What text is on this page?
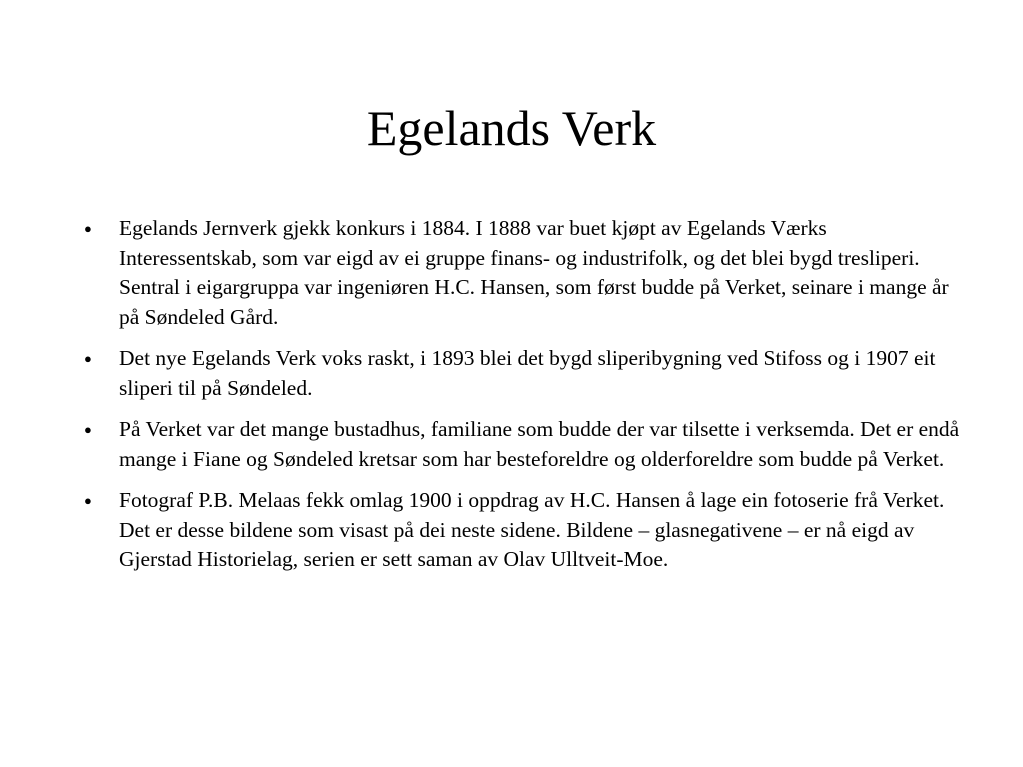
Egelands Verk
● Egelands Jernverk gjekk konkurs i 1884. I 1888 var buet kjøpt av Egelands Værks Interessentskab, som var eigd av ei gruppe finans- og industrifolk, og det blei bygd tresliperi. Sentral i eigargruppa var ingeniøren H.C. Hansen, som først budde på Verket, seinare i mange år på Søndeled Gård.
● Det nye Egelands Verk voks raskt, i 1893 blei det bygd sliperibygning ved Stifoss og i 1907 eit sliperi til på Søndeled.
● På Verket var det mange bustadhus, familiane som budde der var tilsette i verksemda. Det er endå mange i Fiane og Søndeled kretsar som har besteforeldre og olderforeldre som budde på Verket.
● Fotograf P.B. Melaas fekk omlag 1900 i oppdrag av H.C. Hansen å lage ein fotoserie frå Verket. Det er desse bildene som visast på dei neste sidene. Bildene – glasnegativene – er nå eigd av Gjerstad Historielag, serien er sett saman av Olav Ulltveit-Moe.
